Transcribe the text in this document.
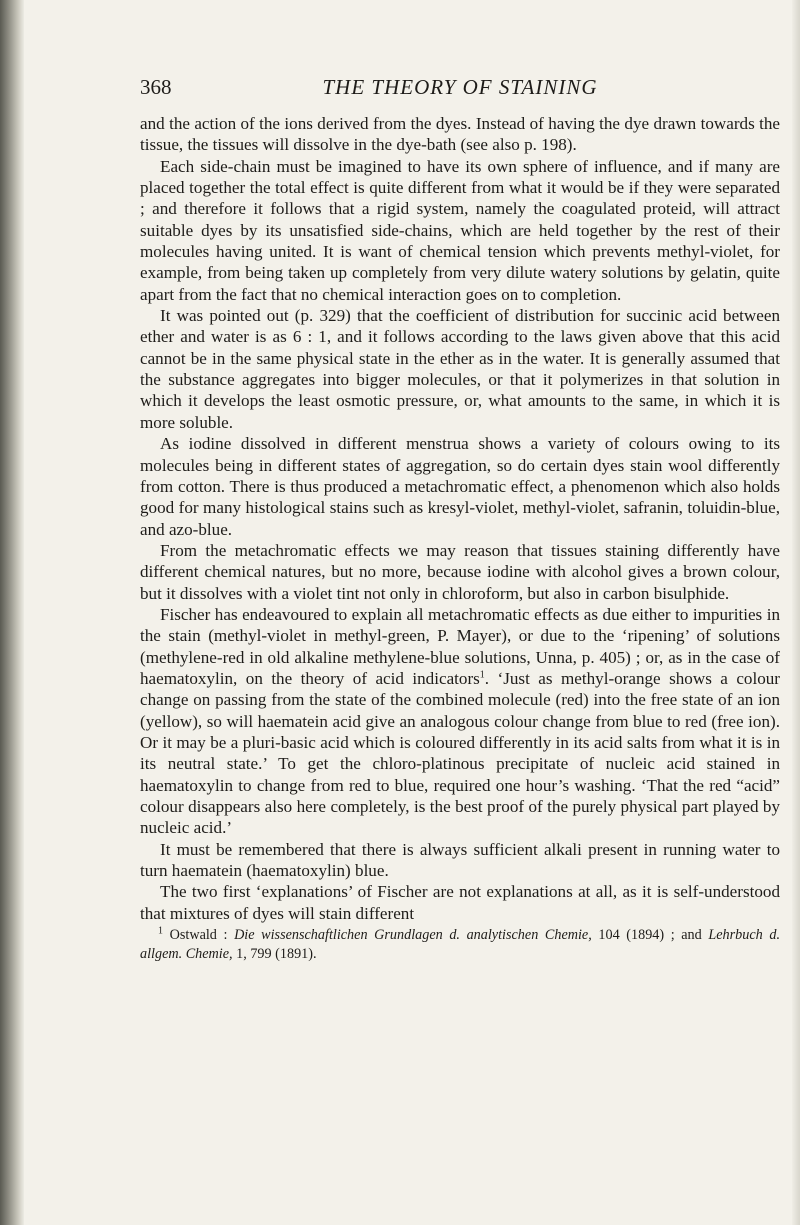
368	THE THEORY OF STAINING

and the action of the ions derived from the dyes. Instead of having the dye drawn towards the tissue, the tissues will dissolve in the dye-bath (see also p. 198).

Each side-chain must be imagined to have its own sphere of influence, and if many are placed together the total effect is quite different from what it would be if they were separated ; and therefore it follows that a rigid system, namely the coagulated proteid, will attract suitable dyes by its unsatisfied side-chains, which are held together by the rest of their molecules having united. It is want of chemical tension which prevents methyl-violet, for example, from being taken up completely from very dilute watery solutions by gelatin, quite apart from the fact that no chemical interaction goes on to completion.

It was pointed out (p. 329) that the coefficient of distribution for succinic acid between ether and water is as 6 : 1, and it follows according to the laws given above that this acid cannot be in the same physical state in the ether as in the water. It is generally assumed that the substance aggregates into bigger molecules, or that it polymerizes in that solution in which it develops the least osmotic pressure, or, what amounts to the same, in which it is more soluble.

As iodine dissolved in different menstrua shows a variety of colours owing to its molecules being in different states of aggregation, so do certain dyes stain wool differently from cotton. There is thus produced a metachromatic effect, a phenomenon which also holds good for many histological stains such as kresyl-violet, methyl-violet, safranin, toluidin-blue, and azo-blue.

From the metachromatic effects we may reason that tissues staining differently have different chemical natures, but no more, because iodine with alcohol gives a brown colour, but it dissolves with a violet tint not only in chloroform, but also in carbon bisulphide.

Fischer has endeavoured to explain all metachromatic effects as due either to impurities in the stain (methyl-violet in methyl-green, P. Mayer), or due to the ‘ripening’ of solutions (methylene-red in old alkaline methylene-blue solutions, Unna, p. 405) ; or, as in the case of haematoxylin, on the theory of acid indicators$^1$. ‘Just as methyl-orange shows a colour change on passing from the state of the combined molecule (red) into the free state of an ion (yellow), so will haematein acid give an analogous colour change from blue to red (free ion). Or it may be a pluri-basic acid which is coloured differently in its acid salts from what it is in its neutral state.’ To get the chloro-platinous precipitate of nucleic acid stained in haematoxylin to change from red to blue, required one hour’s washing. ‘That the red “acid” colour disappears also here completely, is the best proof of the purely physical part played by nucleic acid.’

It must be remembered that there is always sufficient alkali present in running water to turn haematein (haematoxylin) blue.

The two first ‘explanations’ of Fischer are not explanations at all, as it is self-understood that mixtures of dyes will stain different

$^1$ Ostwald : Die wissenschaftlichen Grundlagen d. analytischen Chemie, 104 (1894) ; and Lehrbuch d. allgem. Chemie, 1, 799 (1891).
